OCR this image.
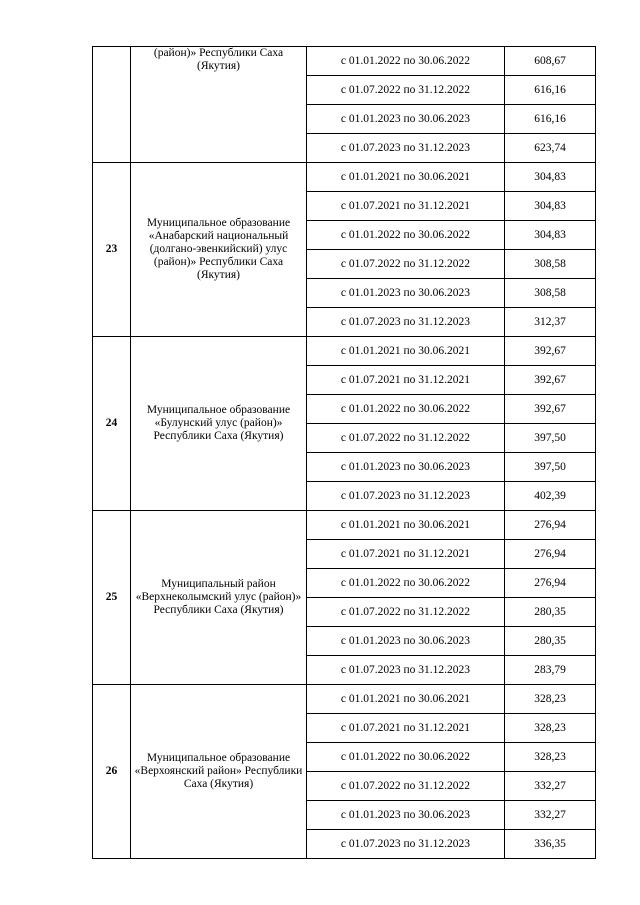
	(район)» Республики Саха (Якутия)	с 01.01.2022 по 30.06.2022	608,67
		с 01.07.2022 по 31.12.2022	616,16
		с 01.01.2023 по 30.06.2023	616,16
		с 01.07.2023 по 31.12.2023	623,74
23	Муниципальное образование «Анабарский национальный (долгано-эвенкийский) улус (район)» Республики Саха (Якутия)	с 01.01.2021 по 30.06.2021	304,83
		с 01.07.2021 по 31.12.2021	304,83
		с 01.01.2022 по 30.06.2022	304,83
		с 01.07.2022 по 31.12.2022	308,58
		с 01.01.2023 по 30.06.2023	308,58
		с 01.07.2023 по 31.12.2023	312,37
24	Муниципальное образование «Булунский улус (район)» Республики Саха (Якутия)	с 01.01.2021 по 30.06.2021	392,67
		с 01.07.2021 по 31.12.2021	392,67
		с 01.01.2022 по 30.06.2022	392,67
		с 01.07.2022 по 31.12.2022	397,50
		с 01.01.2023 по 30.06.2023	397,50
		с 01.07.2023 по 31.12.2023	402,39
25	Муниципальный район «Верхнеколымский улус (район)» Республики Саха (Якутия)	с 01.01.2021 по 30.06.2021	276,94
		с 01.07.2021 по 31.12.2021	276,94
		с 01.01.2022 по 30.06.2022	276,94
		с 01.07.2022 по 31.12.2022	280,35
		с 01.01.2023 по 30.06.2023	280,35
		с 01.07.2023 по 31.12.2023	283,79
26	Муниципальное образование «Верхоянский район» Республики Саха (Якутия)	с 01.01.2021 по 30.06.2021	328,23
		с 01.07.2021 по 31.12.2021	328,23
		с 01.01.2022 по 30.06.2022	328,23
		с 01.07.2022 по 31.12.2022	332,27
		с 01.01.2023 по 30.06.2023	332,27
		с 01.07.2023 по 31.12.2023	336,35
